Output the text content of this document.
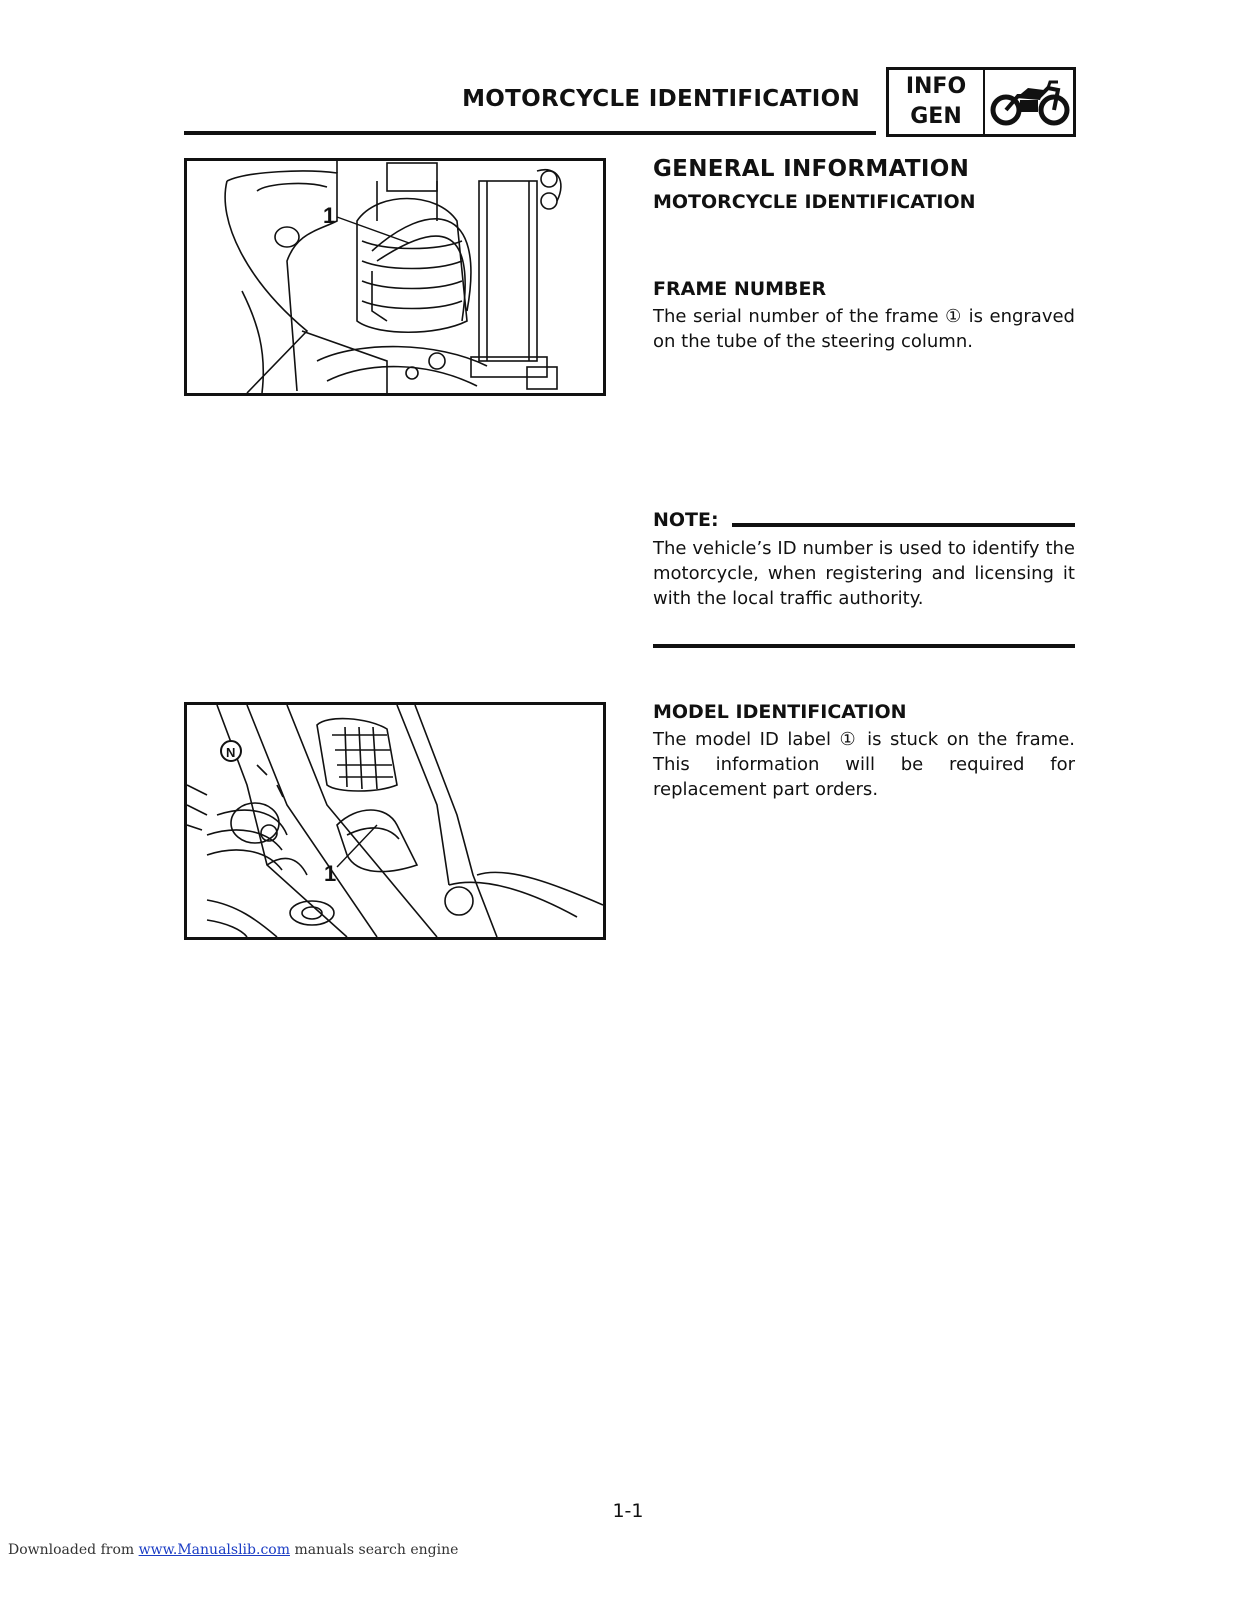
MOTORCYCLE IDENTIFICATION INFO
GEN
1
N
1
GENERAL INFORMATION
MOTORCYCLE IDENTIFICATION
FRAME NUMBER
The serial number of the frame ① is engraved on the tube of the steering column.
NOTE:
The vehicle’s ID number is used to identify the motorcycle, when registering and licensing it with the local traffic authority.
MODEL IDENTIFICATION
The model ID label ① is stuck on the frame. This information will be required for replacement part orders.
1-1
Downloaded from www.Manualslib.com manuals search engine
